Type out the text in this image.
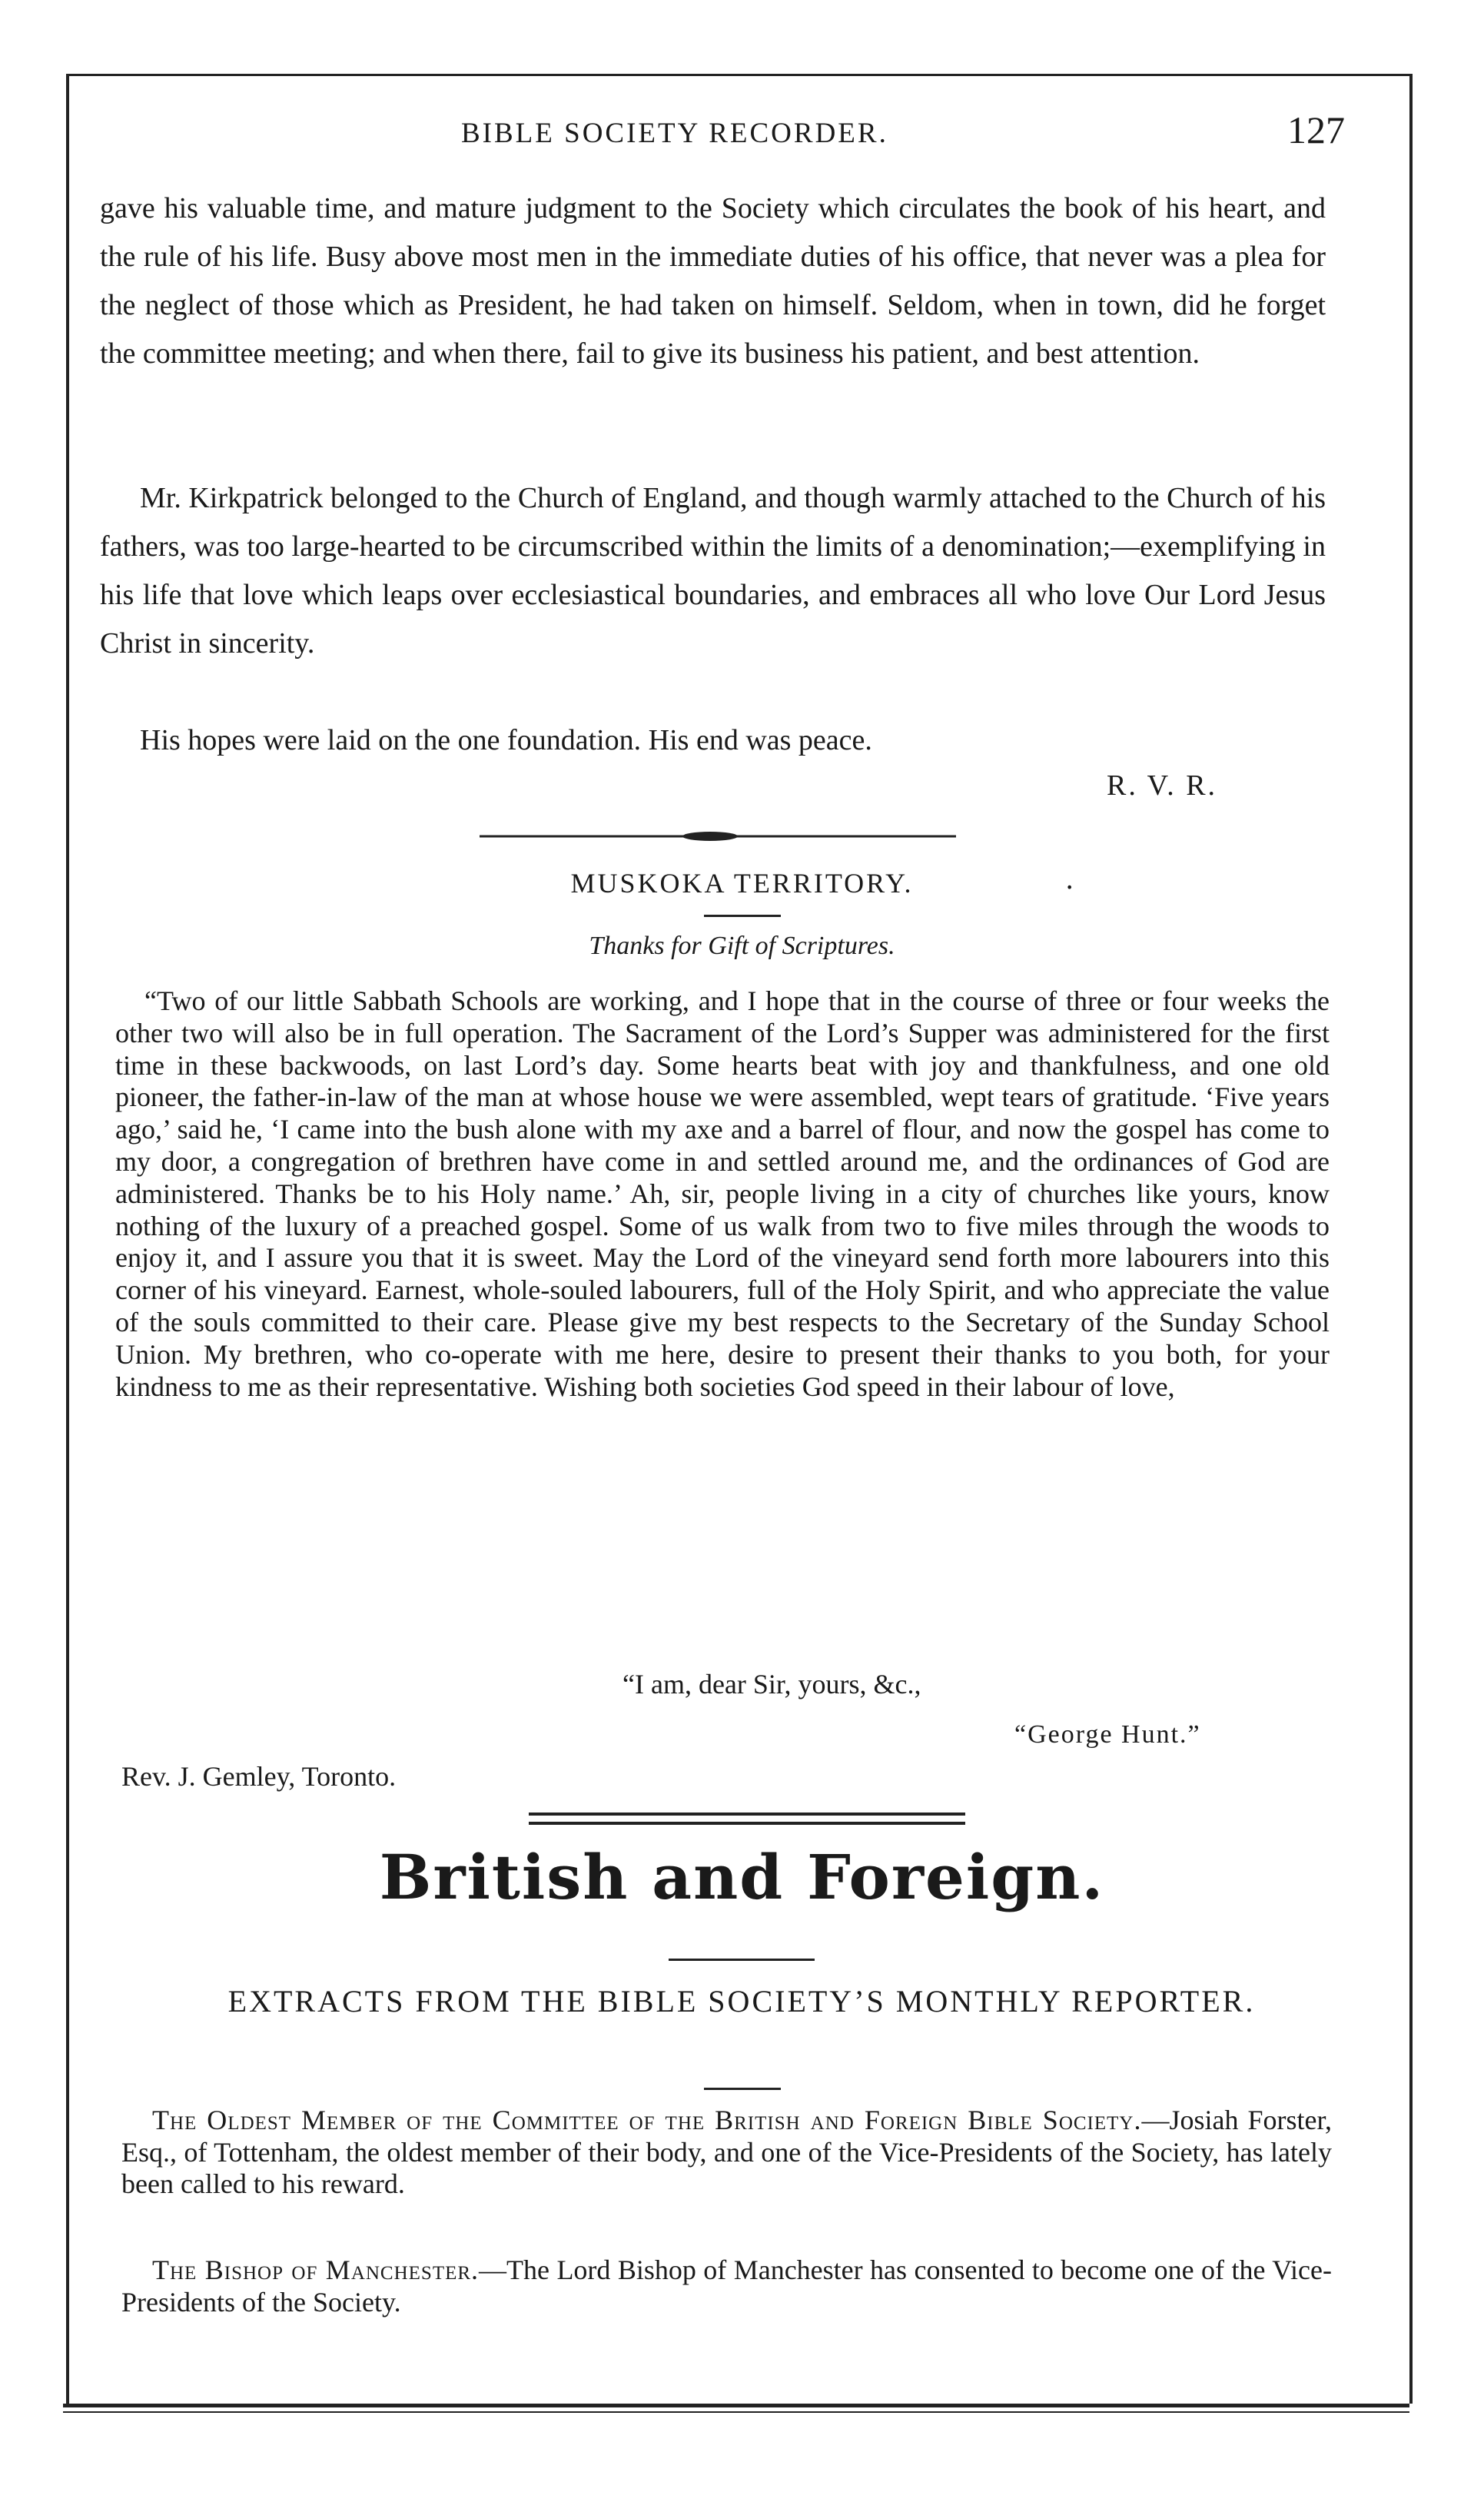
BIBLE SOCIETY RECORDER.	127

gave his valuable time, and mature judgment to the Society which circulates the book of his heart, and the rule of his life. Busy above most men in the immediate duties of his office, that never was a plea for the neglect of those which as President, he had taken on himself. Seldom, when in town, did he forget the committee meeting; and when there, fail to give its business his patient, and best attention.

Mr. Kirkpatrick belonged to the Church of England, and though warmly attached to the Church of his fathers, was too large-hearted to be circumscribed within the limits of a denomination;—exemplifying in his life that love which leaps over ecclesiastical boundaries, and embraces all who love Our Lord Jesus Christ in sincerity.

His hopes were laid on the one foundation. His end was peace.

R. V. R.
MUSKOKA TERRITORY.	·
Thanks for Gift of Scriptures.

“Two of our little Sabbath Schools are working, and I hope that in the course of three or four weeks the other two will also be in full operation. The Sacrament of the Lord’s Supper was administered for the first time in these backwoods, on last Lord’s day. Some hearts beat with joy and thankfulness, and one old pioneer, the father-in-law of the man at whose house we were assembled, wept tears of gratitude. ‘Five years ago,’ said he, ‘I came into the bush alone with my axe and a barrel of flour, and now the gospel has come to my door, a congregation of brethren have come in and settled around me, and the ordinances of God are administered. Thanks be to his Holy name.’ Ah, sir, people living in a city of churches like yours, know nothing of the luxury of a preached gospel. Some of us walk from two to five miles through the woods to enjoy it, and I assure you that it is sweet. May the Lord of the vineyard send forth more labourers into this corner of his vineyard. Earnest, whole-souled labourers, full of the Holy Spirit, and who appreciate the value of the souls committed to their care. Please give my best respects to the Secretary of the Sunday School Union. My brethren, who co-operate with me here, desire to present their thanks to you both, for your kindness to me as their representative. Wishing both societies God speed in their labour of love,

“I am, dear Sir, yours, &c.,
“George Hunt.”
Rev. J. Gemley, Toronto.
British and Foreign.
EXTRACTS FROM THE BIBLE SOCIETY’S MONTHLY REPORTER.

The Oldest Member of the Committee of the British and Foreign Bible Society.—Josiah Forster, Esq., of Tottenham, the oldest member of their body, and one of the Vice-Presidents of the Society, has lately been called to his reward.

The Bishop of Manchester.—The Lord Bishop of Manchester has consented to become one of the Vice-Presidents of the Society.
